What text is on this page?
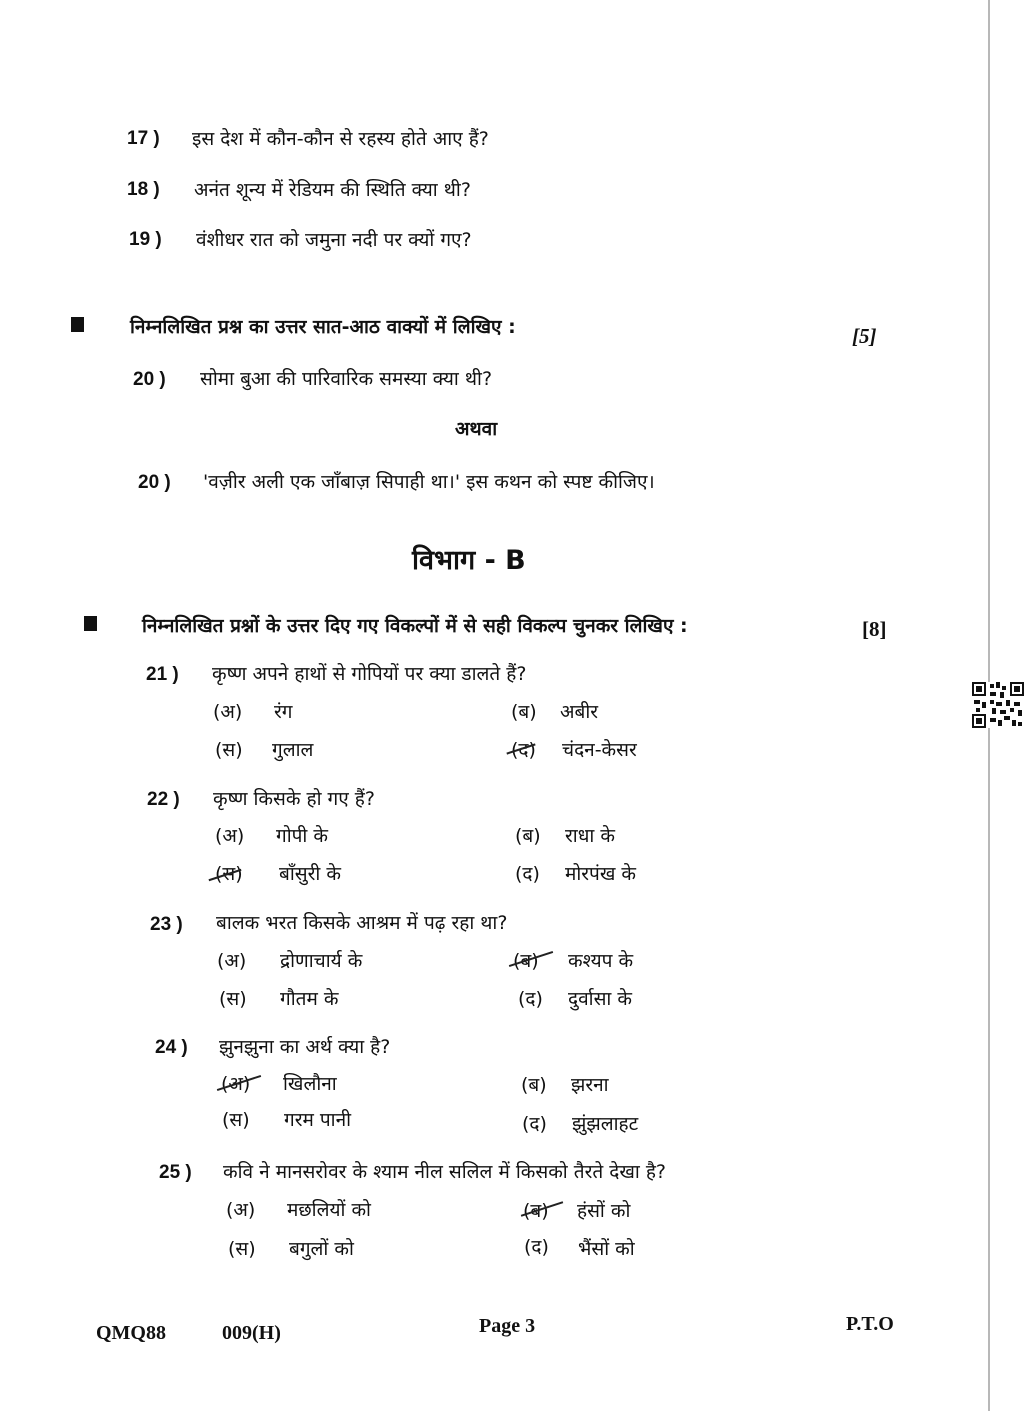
17 ) इस देश में कौन-कौन से रहस्य होते आए हैं?
18 ) अनंत शून्य में रेडियम की स्थिति क्या थी?
19 ) वंशीधर रात को जमुना नदी पर क्यों गए?
निम्नलिखित प्रश्न का उत्तर सात-आठ वाक्यों में लिखिए :	[5]
20 ) सोमा बुआ की पारिवारिक समस्या क्या थी?
अथवा
20 ) 'वज़ीर अली एक जाँबाज़ सिपाही था।' इस कथन को स्पष्ट कीजिए।
विभाग - B
निम्नलिखित प्रश्नों के उत्तर दिए गए विकल्पों में से सही विकल्प चुनकर लिखिए :	[8]
21 ) कृष्ण अपने हाथों से गोपियों पर क्या डालते हैं?
(अ) रंग	(ब) अबीर
(स) गुलाल	(द) चंदन-केसर
22 ) कृष्ण किसके हो गए हैं?
(अ) गोपी के	(ब) राधा के
(स) बाँसुरी के	(द) मोरपंख के
23 ) बालक भरत किसके आश्रम में पढ़ रहा था?
(अ) द्रोणाचार्य के	(ब) कश्यप के
(स) गौतम के	(द) दुर्वासा के
24 ) झुनझुना का अर्थ क्या है?
(अ) खिलौना	(ब) झरना
(स) गरम पानी	(द) झुंझलाहट
25 ) कवि ने मानसरोवर के श्याम नील सलिल में किसको तैरते देखा है?
(अ) मछलियों को	(ब) हंसों को
(स) बगुलों को	(द) भैंसों को
QMQ88	009(H)	Page 3	P.T.O
